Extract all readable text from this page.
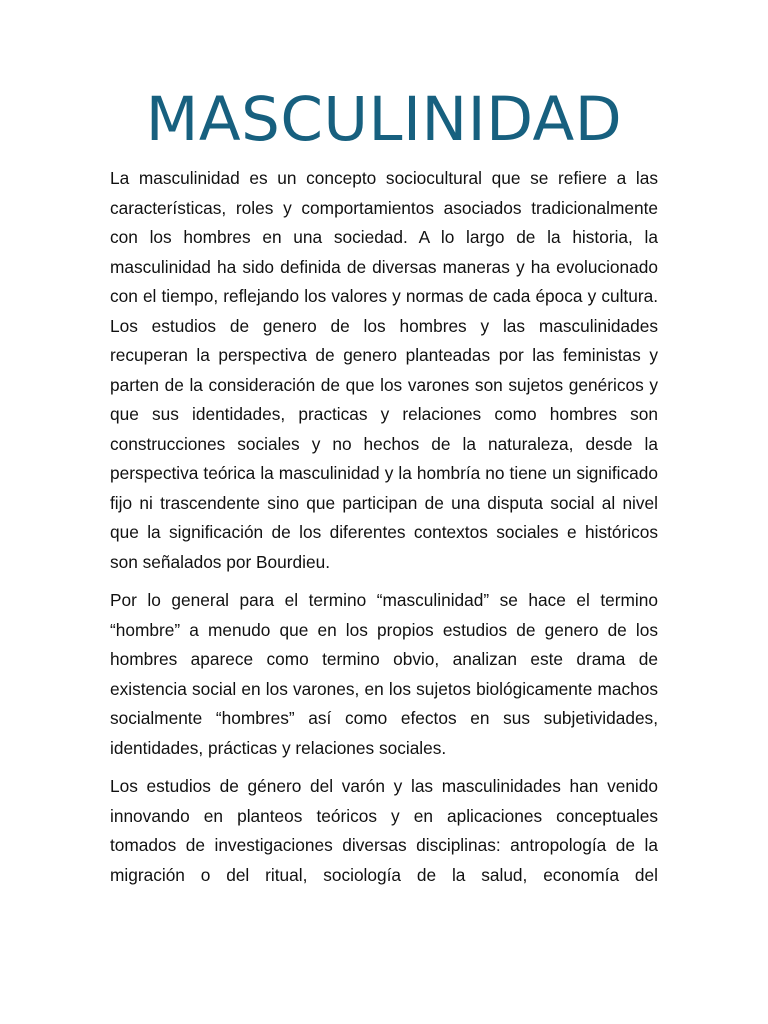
MASCULINIDAD

La masculinidad es un concepto sociocultural que se refiere a las características, roles y comportamientos asociados tradicionalmente con los hombres en una sociedad. A lo largo de la historia, la masculinidad ha sido definida de diversas maneras y ha evolucionado con el tiempo, reflejando los valores y normas de cada época y cultura. Los estudios de genero de los hombres y las masculinidades recuperan la perspectiva de genero planteadas por las feministas y parten de la consideración de que los varones son sujetos genéricos y que sus identidades, practicas y relaciones como hombres son construcciones sociales y no hechos de la naturaleza, desde la perspectiva teórica la masculinidad y la hombría no tiene un significado fijo ni trascendente sino que participan de una disputa social al nivel que la significación de los diferentes contextos sociales e históricos son señalados por Bourdieu.

Por lo general para el termino “masculinidad” se hace el termino “hombre” a menudo que en los propios estudios de genero de los hombres aparece como termino obvio, analizan este drama de existencia social en los varones, en los sujetos biológicamente machos socialmente “hombres” así como efectos en sus subjetividades, identidades, prácticas y relaciones sociales.

Los estudios de género del varón y las masculinidades han venido innovando en planteos teóricos y en aplicaciones conceptuales tomados de investigaciones diversas disciplinas: antropología de la migración o del ritual, sociología de la salud, economía del
